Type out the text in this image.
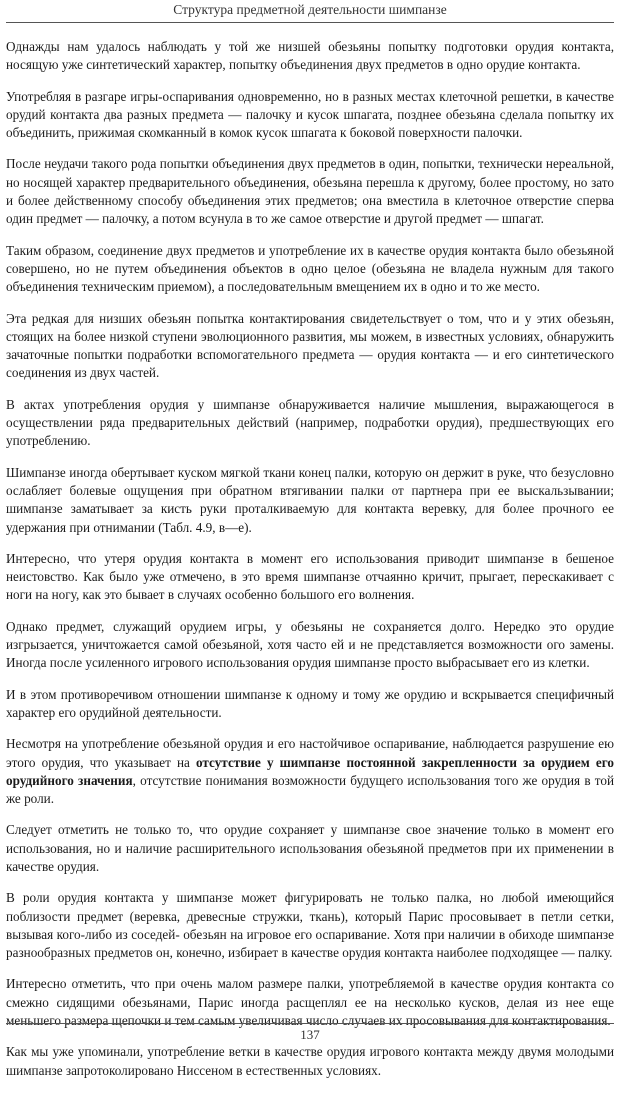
Структура предметной деятельности шимпанзе

Однажды нам удалось наблюдать у той же низшей обезьяны попытку подготовки орудия контакта, носящую уже синтетический характер, попытку объединения двух предметов в одно орудие контакта.

Употребляя в разгаре игры-оспаривания одновременно, но в разных местах клеточной решетки, в качестве орудий контакта два разных предмета — палочку и кусок шпагата, позднее обезьяна сделала попытку их объединить, прижимая скомканный в комок кусок шпагата к боковой поверхности палочки.

После неудачи такого рода попытки объединения двух предметов в один, попытки, технически нереальной, но носящей характер предварительного объединения, обезьяна перешла к другому, более простому, но зато и более действенному способу объединения этих предметов; она вместила в клеточное отверстие сперва один предмет — палочку, а потом всунула в то же самое отверстие и другой предмет — шпагат.

Таким образом, соединение двух предметов и употребление их в качестве орудия контакта было обезьяной совершено, но не путем объединения объектов в одно целое (обезьяна не владела нужным для такого объединения техническим приемом), а последовательным вмещением их в одно и то же место.

Эта редкая для низших обезьян попытка контактирования свидетельствует о том, что и у этих обезьян, стоящих на более низкой ступени эволюционного развития, мы можем, в известных условиях, обнаружить зачаточные попытки подработки вспомогательного предмета — орудия контакта — и его синтетического соединения из двух частей.

В актах употребления орудия у шимпанзе обнаруживается наличие мышления, выражающегося в осуществлении ряда предварительных действий (например, подработки орудия), предшествующих его употреблению.

Шимпанзе иногда обертывает куском мягкой ткани конец палки, которую он держит в руке, что безусловно ослабляет болевые ощущения при обратном втягивании палки от партнера при ее выскальзывании; шимпанзе заматывает за кисть руки проталкиваемую для контакта веревку, для более прочного ее удержания при отнимании (Табл. 4.9, в—е).

Интересно, что утеря орудия контакта в момент его использования приводит шимпанзе в бешеное неистовство. Как было уже отмечено, в это время шимпанзе отчаянно кричит, прыгает, перескакивает с ноги на ногу, как это бывает в случаях особенно большого его волнения.

Однако предмет, служащий орудием игры, у обезьяны не сохраняется долго. Нередко это орудие изгрызается, уничтожается самой обезьяной, хотя часто ей и не представляется возможности ого замены. Иногда после усиленного игрового использования орудия шимпанзе просто выбрасывает его из клетки.

И в этом противоречивом отношении шимпанзе к одному и тому же орудию и вскрывается специфичный характер его орудийной деятельности.

Несмотря на употребление обезьяной орудия и его настойчивое оспаривание, наблюдается разрушение ею этого орудия, что указывает на отсутствие у шимпанзе постоянной закрепленности за орудием его орудийного значения, отсутствие понимания возможности будущего использования того же орудия в той же роли.

Следует отметить не только то, что орудие сохраняет у шимпанзе свое значение только в момент его использования, но и наличие расширительного использования обезьяной предметов при их применении в качестве орудия.

В роли орудия контакта у шимпанзе может фигурировать не только палка, но любой имеющийся поблизости предмет (веревка, древесные стружки, ткань), который Парис просовывает в петли сетки, вызывая кого-либо из соседей- обезьян на игровое его оспаривание. Хотя при наличии в обиходе шимпанзе разнообразных предметов он, конечно, избирает в качестве орудия контакта наиболее подходящее — палку.

Интересно отметить, что при очень малом размере палки, употребляемой в качестве орудия контакта со смежно сидящими обезьянами, Парис иногда расщеплял ее на несколько кусков, делая из нее еще меньшего размера щепочки и тем самым увеличивая число случаев их просовывания для контактирования.

Как мы уже упоминали, употребление ветки в качестве орудия игрового контакта между двумя молодыми шимпанзе запротоколировано Ниссеном в естественных условиях.

137
